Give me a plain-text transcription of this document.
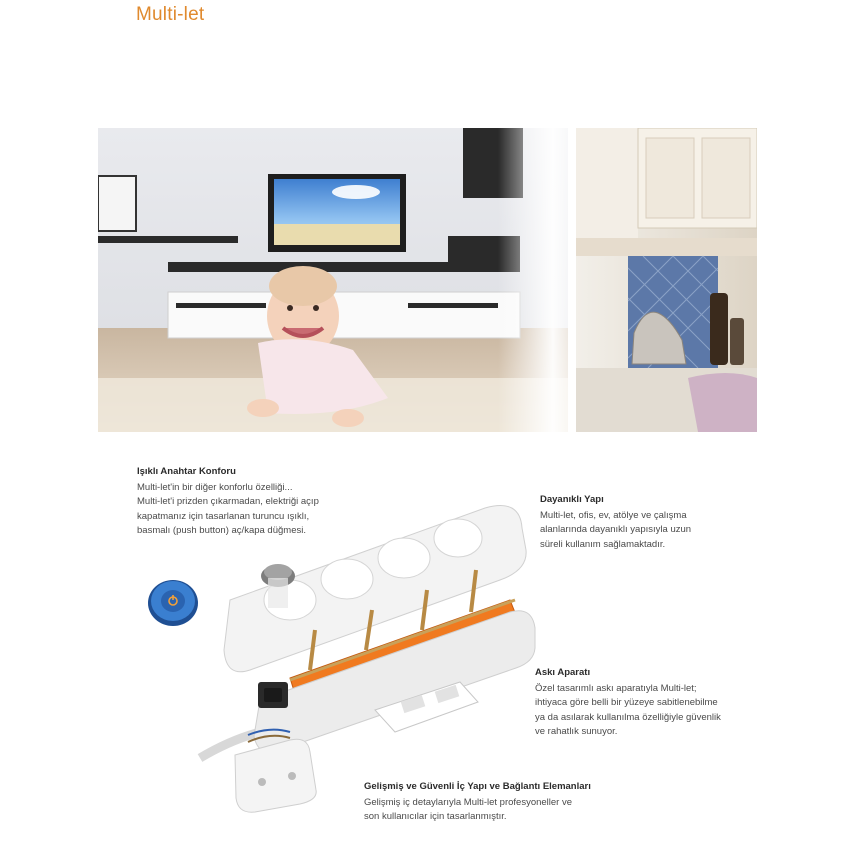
Multi-let
Işıklı Anahtar Konforu
Multi-let'in bir diğer konforlu özelliği...
Multi-let'i prizden çıkarmadan, elektriği açıp
kapatmanız için tasarlanan turuncu ışıklı,
basmalı (push button) aç/kapa düğmesi.
Dayanıklı Yapı
Multi-let, ofis, ev, atölye ve çalışma
alanlarında dayanıklı yapısıyla uzun
süreli kullanım sağlamaktadır.
Askı Aparatı
Özel tasarımlı askı aparatıyla Multi-let;
ihtiyaca göre belli bir yüzeye sabitlenebilme
ya da asılarak kullanılma özelliğiyle güvenlik
ve rahatlık sunuyor.
Gelişmiş ve Güvenli İç Yapı ve Bağlantı Elemanları
Gelişmiş iç detaylarıyla Multi-let profesyoneller ve
son kullanıcılar için tasarlanmıştır.
